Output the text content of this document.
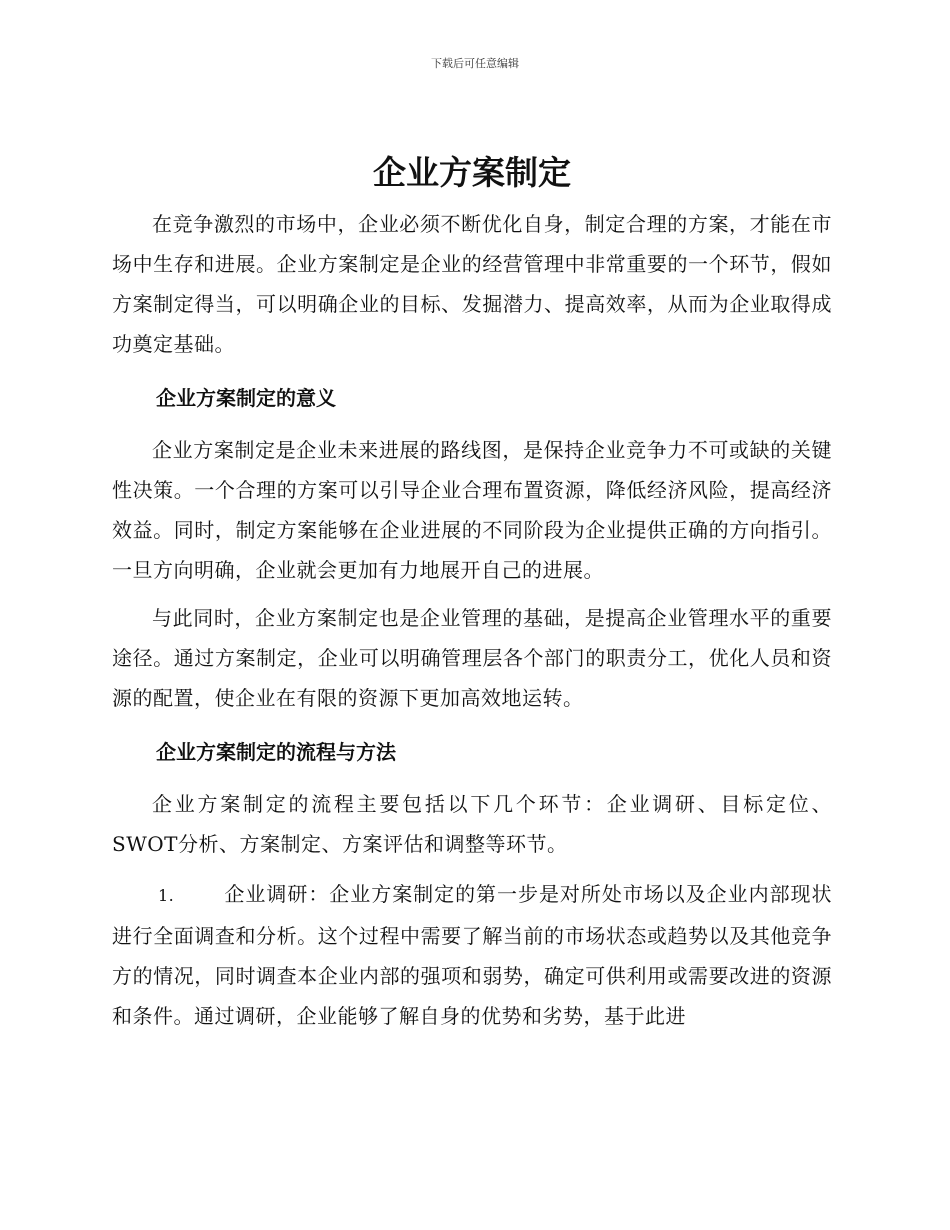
下载后可任意编辑
企业方案制定

在竞争激烈的市场中，企业必须不断优化自身，制定合理的方案，才能在市场中生存和进展。企业方案制定是企业的经营管理中非常重要的一个环节，假如方案制定得当，可以明确企业的目标、发掘潜力、提高效率，从而为企业取得成功奠定基础。

企业方案制定的意义

企业方案制定是企业未来进展的路线图，是保持企业竞争力不可或缺的关键性决策。一个合理的方案可以引导企业合理布置资源，降低经济风险，提高经济效益。同时，制定方案能够在企业进展的不同阶段为企业提供正确的方向指引。一旦方向明确，企业就会更加有力地展开自己的进展。

与此同时，企业方案制定也是企业管理的基础，是提高企业管理水平的重要途径。通过方案制定，企业可以明确管理层各个部门的职责分工，优化人员和资源的配置，使企业在有限的资源下更加高效地运转。

企业方案制定的流程与方法

企业方案制定的流程主要包括以下几个环节：企业调研、目标定位、SWOT分析、方案制定、方案评估和调整等环节。

1. 企业调研：企业方案制定的第一步是对所处市场以及企业内部现状进行全面调查和分析。这个过程中需要了解当前的市场状态或趋势以及其他竞争方的情况，同时调查本企业内部的强项和弱势，确定可供利用或需要改进的资源和条件。通过调研，企业能够了解自身的优势和劣势，基于此进
